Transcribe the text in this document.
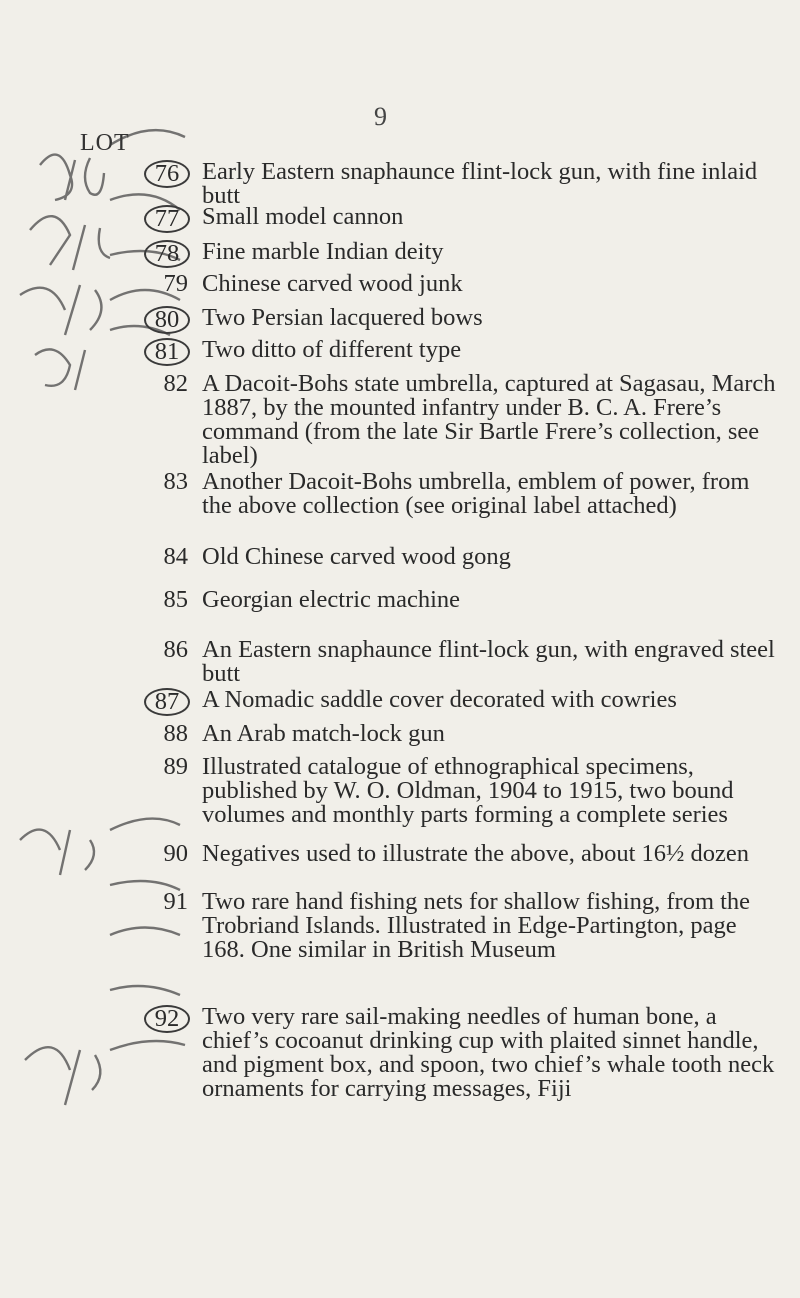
9
LOT
76 Early Eastern snaphaunce flint-lock gun, with fine inlaid butt
77 Small model cannon
78 Fine marble Indian deity
79 Chinese carved wood junk
80 Two Persian lacquered bows
81 Two ditto of different type
82 A Dacoit-Bohs state umbrella, captured at Sagasau, March 1887, by the mounted infantry under B. C. A. Frere’s command (from the late Sir Bartle Frere’s collection, see label)
83 Another Dacoit-Bohs umbrella, emblem of power, from the above collection (see original label attached)
84 Old Chinese carved wood gong
85 Georgian electric machine
86 An Eastern snaphaunce flint-lock gun, with engraved steel butt
87 A Nomadic saddle cover decorated with cowries
88 An Arab match-lock gun
89 Illustrated catalogue of ethnographical specimens, published by W. O. Oldman, 1904 to 1915, two bound volumes and monthly parts forming a complete series
90 Negatives used to illustrate the above, about 16½ dozen
91 Two rare hand fishing nets for shallow fishing, from the Trobriand Islands. Illustrated in Edge-Partington, page 168. One similar in British Museum
92 Two very rare sail-making needles of human bone, a chief’s cocoanut drinking cup with plaited sinnet handle, and pigment box, and spoon, two chief’s whale tooth neck ornaments for carrying messages, Fiji
